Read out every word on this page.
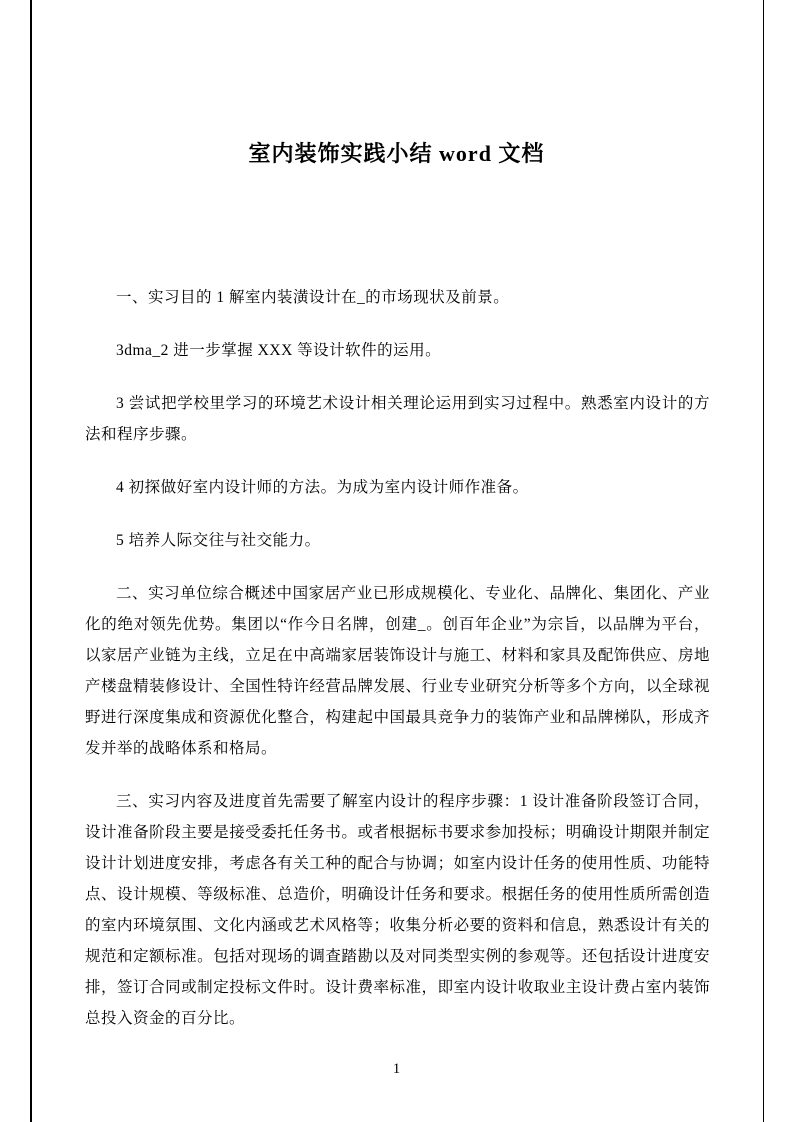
室内装饰实践小结 word 文档

一、实习目的 1 解室内装潢设计在_的市场现状及前景。

3dma_2 进一步掌握 XXX 等设计软件的运用。

3 尝试把学校里学习的环境艺术设计相关理论运用到实习过程中。熟悉室内设计的方法和程序步骤。

4 初探做好室内设计师的方法。为成为室内设计师作准备。

5 培养人际交往与社交能力。

二、实习单位综合概述中国家居产业已形成规模化、专业化、品牌化、集团化、产业化的绝对领先优势。集团以“作今日名牌，创建_。创百年企业”为宗旨，以品牌为平台，以家居产业链为主线，立足在中高端家居装饰设计与施工、材料和家具及配饰供应、房地产楼盘精装修设计、全国性特许经营品牌发展、行业专业研究分析等多个方向，以全球视野进行深度集成和资源优化整合，构建起中国最具竞争力的装饰产业和品牌梯队，形成齐发并举的战略体系和格局。

三、实习内容及进度首先需要了解室内设计的程序步骤：1 设计准备阶段签订合同，设计准备阶段主要是接受委托任务书。或者根据标书要求参加投标；明确设计期限并制定设计计划进度安排，考虑各有关工种的配合与协调；如室内设计任务的使用性质、功能特点、设计规模、等级标准、总造价，明确设计任务和要求。根据任务的使用性质所需创造的室内环境氛围、文化内涵或艺术风格等；收集分析必要的资料和信息，熟悉设计有关的规范和定额标准。包括对现场的调查踏勘以及对同类型实例的参观等。还包括设计进度安排，签订合同或制定投标文件时。设计费率标准，即室内设计收取业主设计费占室内装饰总投入资金的百分比。

1
